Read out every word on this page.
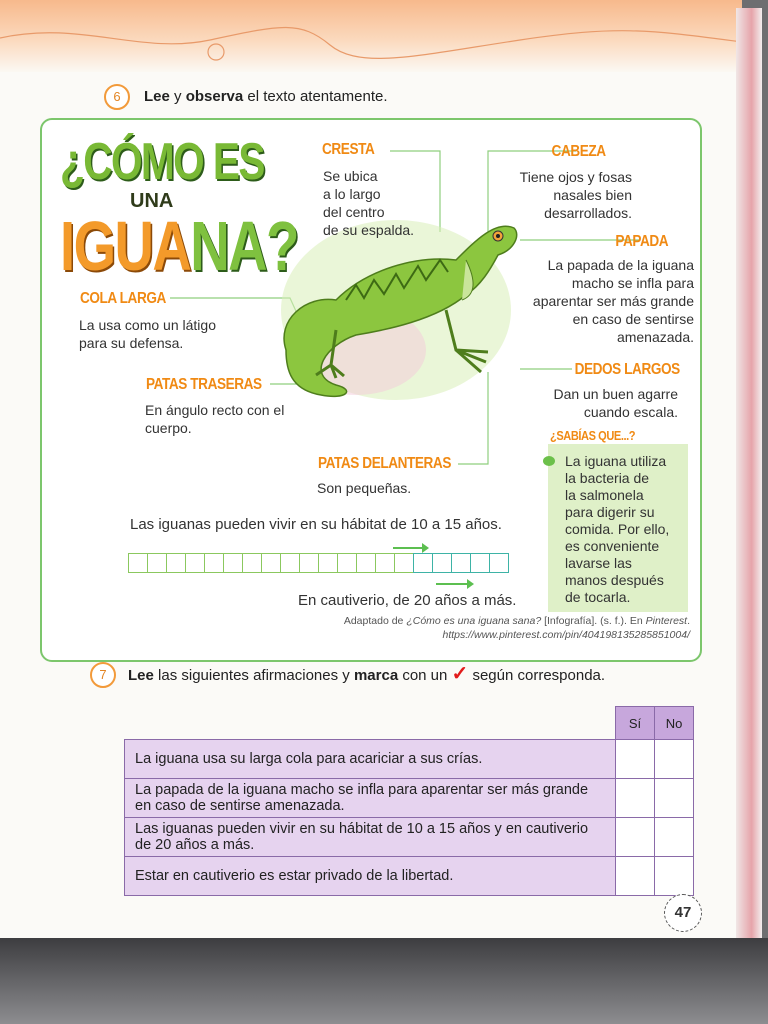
6	Lee y observa el texto atentamente.
¿CÓMO ES
UNA
IGUANA?
CRESTA
Se ubica
a lo largo
del centro
de su espalda.
CABEZA
Tiene ojos y fosas
nasales bien
desarrollados.
PAPADA
La papada de la iguana
macho se infla para
aparentar ser más grande
en caso de sentirse
amenazada.
COLA LARGA
La usa como un látigo
para su defensa.
PATAS TRASERAS
En ángulo recto con el
cuerpo.
DEDOS LARGOS
Dan un buen agarre
cuando escala.
PATAS DELANTERAS
Son pequeñas.
¿SABÍAS QUE...?
La iguana utiliza
la bacteria de
la salmonela
para digerir su
comida. Por ello,
es conveniente
lavarse las
manos después
de tocarla.
Las iguanas pueden vivir en su hábitat de 10 a 15 años.
En cautiverio, de 20 años a más.
Adaptado de ¿Cómo es una iguana sana? [Infografía]. (s. f.). En Pinterest.
https://www.pinterest.com/pin/404198135285851004/
7	Lee las siguientes afirmaciones y marca con un ✓ según corresponda.
	Sí	No
La iguana usa su larga cola para acariciar a sus crías.		
La papada de la iguana macho se infla para aparentar ser más grande en caso de sentirse amenazada.		
Las iguanas pueden vivir en su hábitat de 10 a 15 años y en cautiverio de 20 años a más.		
Estar en cautiverio es estar privado de la libertad.		
47
